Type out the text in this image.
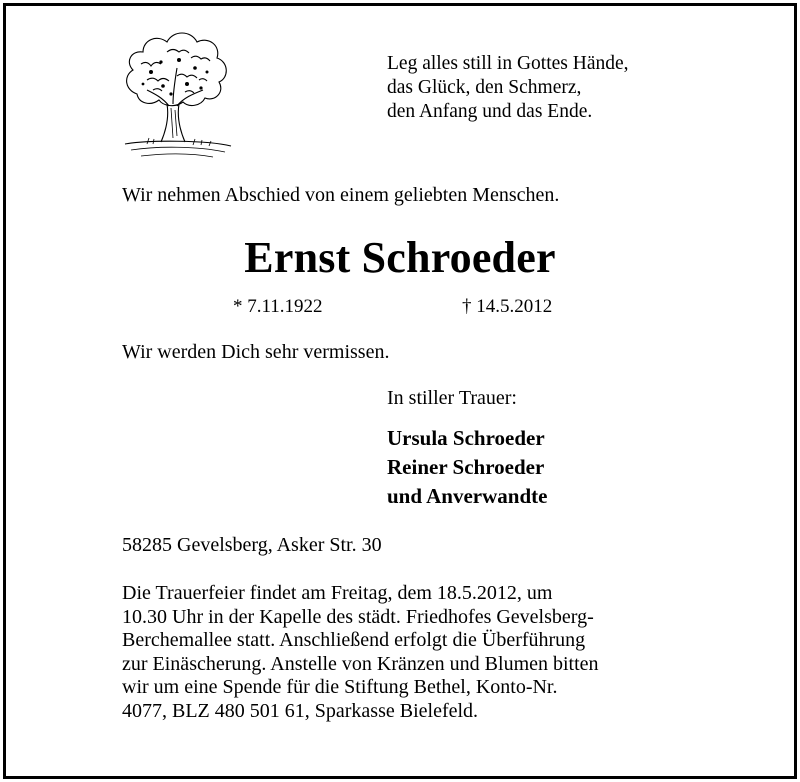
Leg alles still in Gottes Hände,
das Glück, den Schmerz,
den Anfang und das Ende.
Wir nehmen Abschied von einem geliebten Menschen.
Ernst Schroeder
* 7.11.1922	† 14.5.2012
Wir werden Dich sehr vermissen.
In stiller Trauer:
Ursula Schroeder
Reiner Schroeder
und Anverwandte
58285 Gevelsberg, Asker Str. 30
Die Trauerfeier findet am Freitag, dem 18.5.2012, um
10.30 Uhr in der Kapelle des städt. Friedhofes Gevelsberg-
Berchemallee statt. Anschließend erfolgt die Überführung
zur Einäscherung. Anstelle von Kränzen und Blumen bitten
wir um eine Spende für die Stiftung Bethel, Konto-Nr.
4077, BLZ 480 501 61, Sparkasse Bielefeld.
